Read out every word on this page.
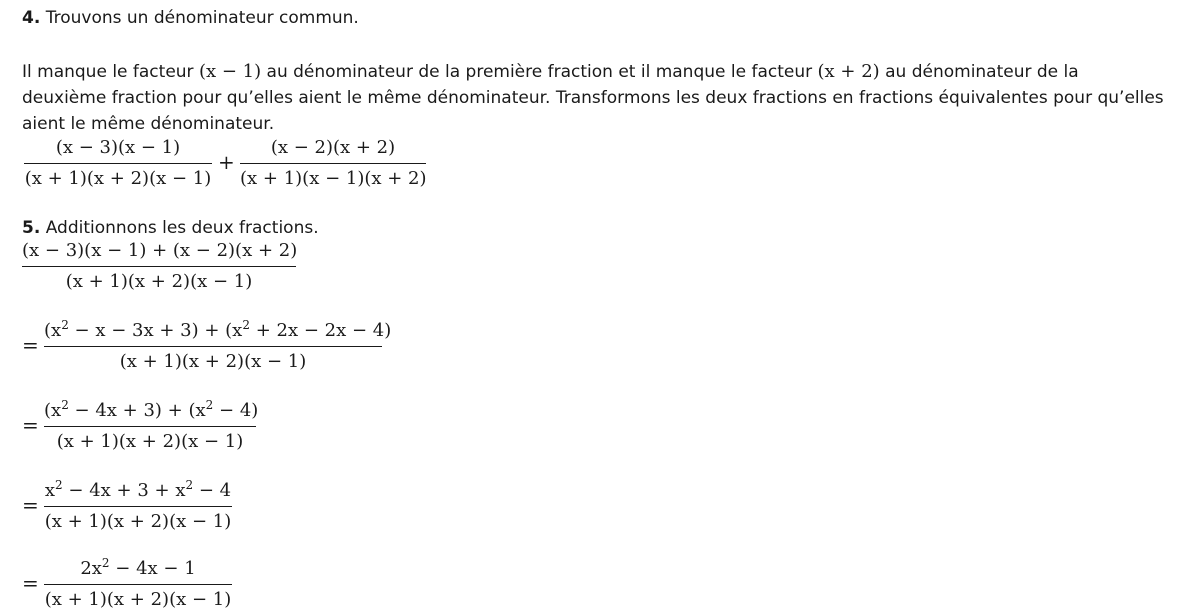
4. Trouvons un dénominateur commun.
Il manque le facteur (x − 1) au dénominateur de la première fraction et il manque le facteur (x + 2) au dénominateur de la
deuxième fraction pour qu’elles aient le même dénominateur. Transformons les deux fractions en fractions équivalentes pour qu’elles
aient le même dénominateur.
(x − 3)(x − 1)
(x + 1)(x + 2)(x − 1)
+
(x − 2)(x + 2)
(x + 1)(x − 1)(x + 2)
5. Additionnons les deux fractions.
(x − 3)(x − 1) + (x − 2)(x + 2)
(x + 1)(x + 2)(x − 1)
=
$(x^2 - x - 3x + 3) + (x^2 + 2x - 2x - 4)$
(x + 1)(x + 2)(x − 1)
=
$(x^2 - 4x + 3) + (x^2 - 4)$
(x + 1)(x + 2)(x − 1)
=
$x^2 - 4x + 3 + x^2 - 4$
(x + 1)(x + 2)(x − 1)
=
$2x^2 - 4x - 1$
(x + 1)(x + 2)(x − 1)
